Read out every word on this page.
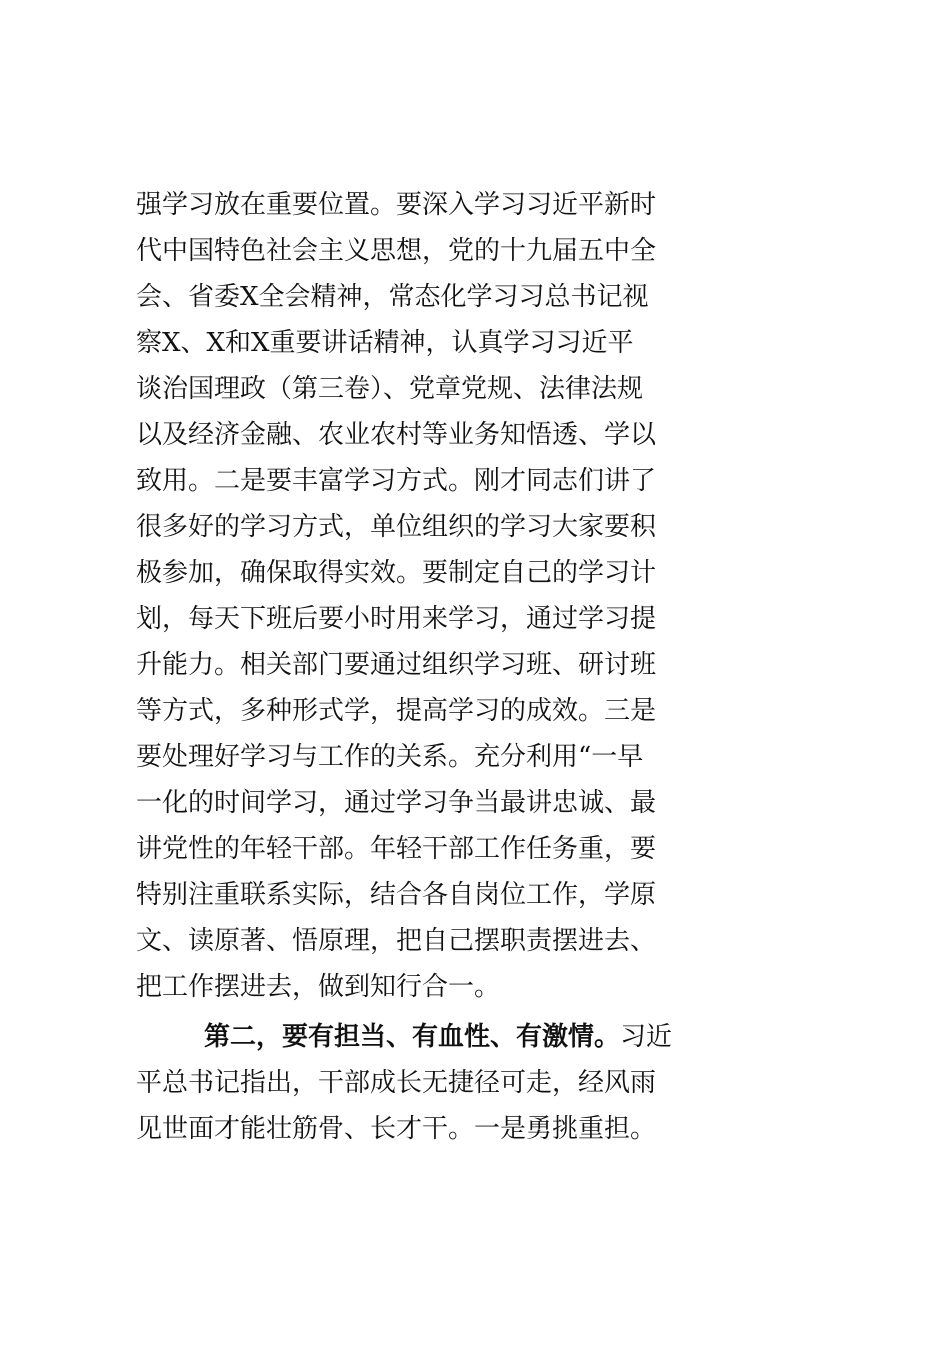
强学习放在重要位置。要深入学习习近平新时
代中国特色社会主义思想，党的十九届五中全
会、省委X全会精神，常态化学习习总书记视
察X、X和X重要讲话精神，认真学习习近平
谈治国理政（第三卷）、党章党规、法律法规
以及经济金融、农业农村等业务知悟透、学以
致用。二是要丰富学习方式。刚才同志们讲了
很多好的学习方式，单位组织的学习大家要积
极参加，确保取得实效。要制定自己的学习计
划，每天下班后要小时用来学习，通过学习提
升能力。相关部门要通过组织学习班、研讨班
等方式，多种形式学，提高学习的成效。三是
要处理好学习与工作的关系。充分利用“一早
一化的时间学习，通过学习争当最讲忠诚、最
讲党性的年轻干部。年轻干部工作任务重，要
特别注重联系实际，结合各自岗位工作，学原
文、读原著、悟原理，把自己摆职责摆进去、
把工作摆进去，做到知行合一。
第二，要有担当、有血性、有激情。习近
平总书记指出，干部成长无捷径可走，经风雨
见世面才能壮筋骨、长才干。一是勇挑重担。
